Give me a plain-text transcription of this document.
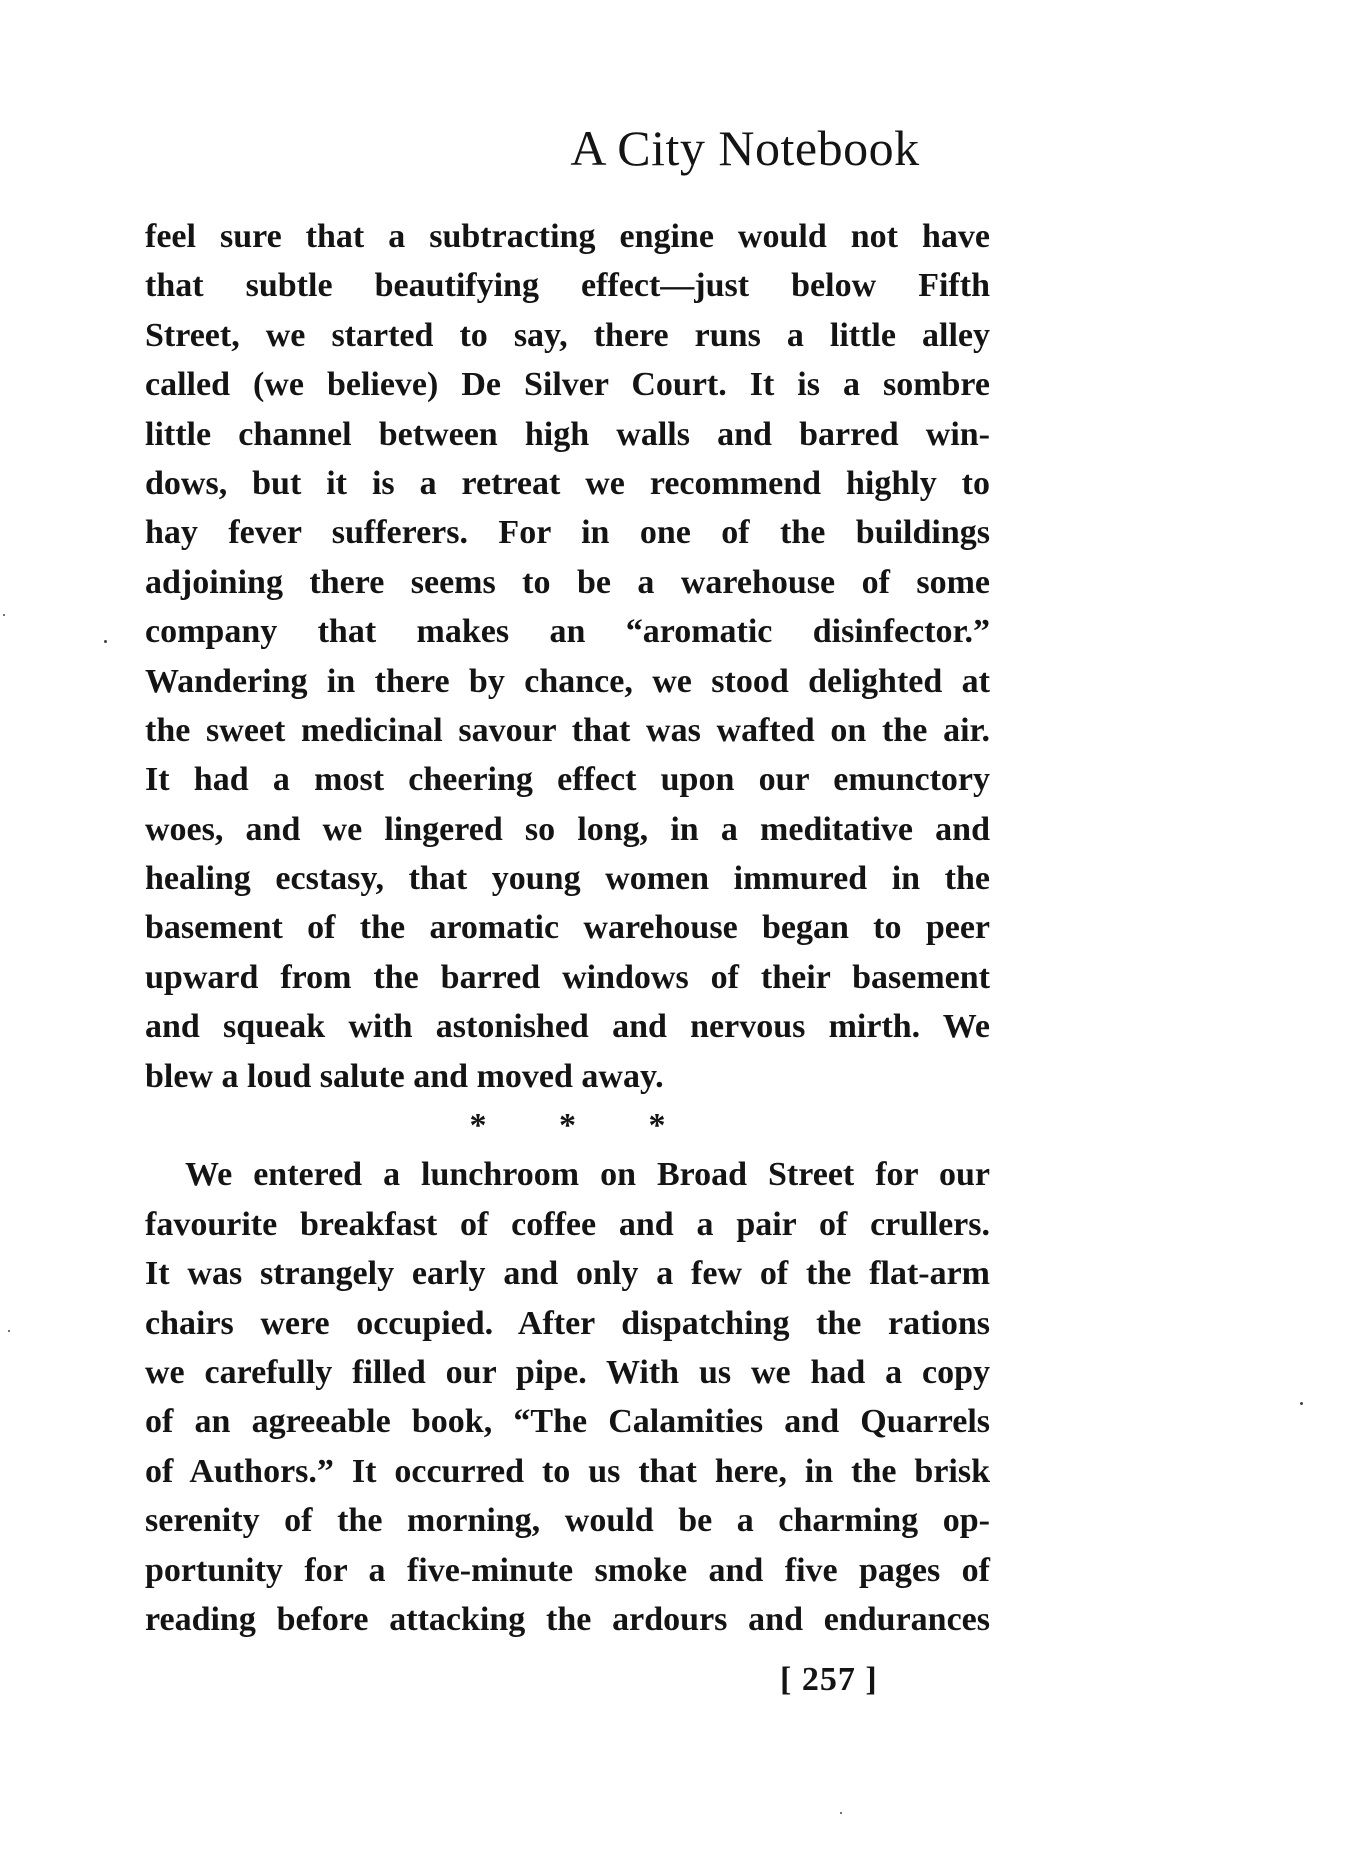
A City Notebook
feel sure that a subtracting engine would not have
that subtle beautifying effect—just below Fifth
Street, we started to say, there runs a little alley
called (we believe) De Silver Court. It is a sombre
little channel between high walls and barred win-
dows, but it is a retreat we recommend highly to
hay fever sufferers. For in one of the buildings
adjoining there seems to be a warehouse of some
company that makes an “aromatic disinfector.”
Wandering in there by chance, we stood delighted at
the sweet medicinal savour that was wafted on the air.
It had a most cheering effect upon our emunctory
woes, and we lingered so long, in a meditative and
healing ecstasy, that young women immured in the
basement of the aromatic warehouse began to peer
upward from the barred windows of their basement
and squeak with astonished and nervous mirth. We
blew a loud salute and moved away.
* * *
We entered a lunchroom on Broad Street for our
favourite breakfast of coffee and a pair of crullers.
It was strangely early and only a few of the flat-arm
chairs were occupied. After dispatching the rations
we carefully filled our pipe. With us we had a copy
of an agreeable book, “The Calamities and Quarrels
of Authors.” It occurred to us that here, in the brisk
serenity of the morning, would be a charming op-
portunity for a five-minute smoke and five pages of
reading before attacking the ardours and endurances
[ 257 ]
